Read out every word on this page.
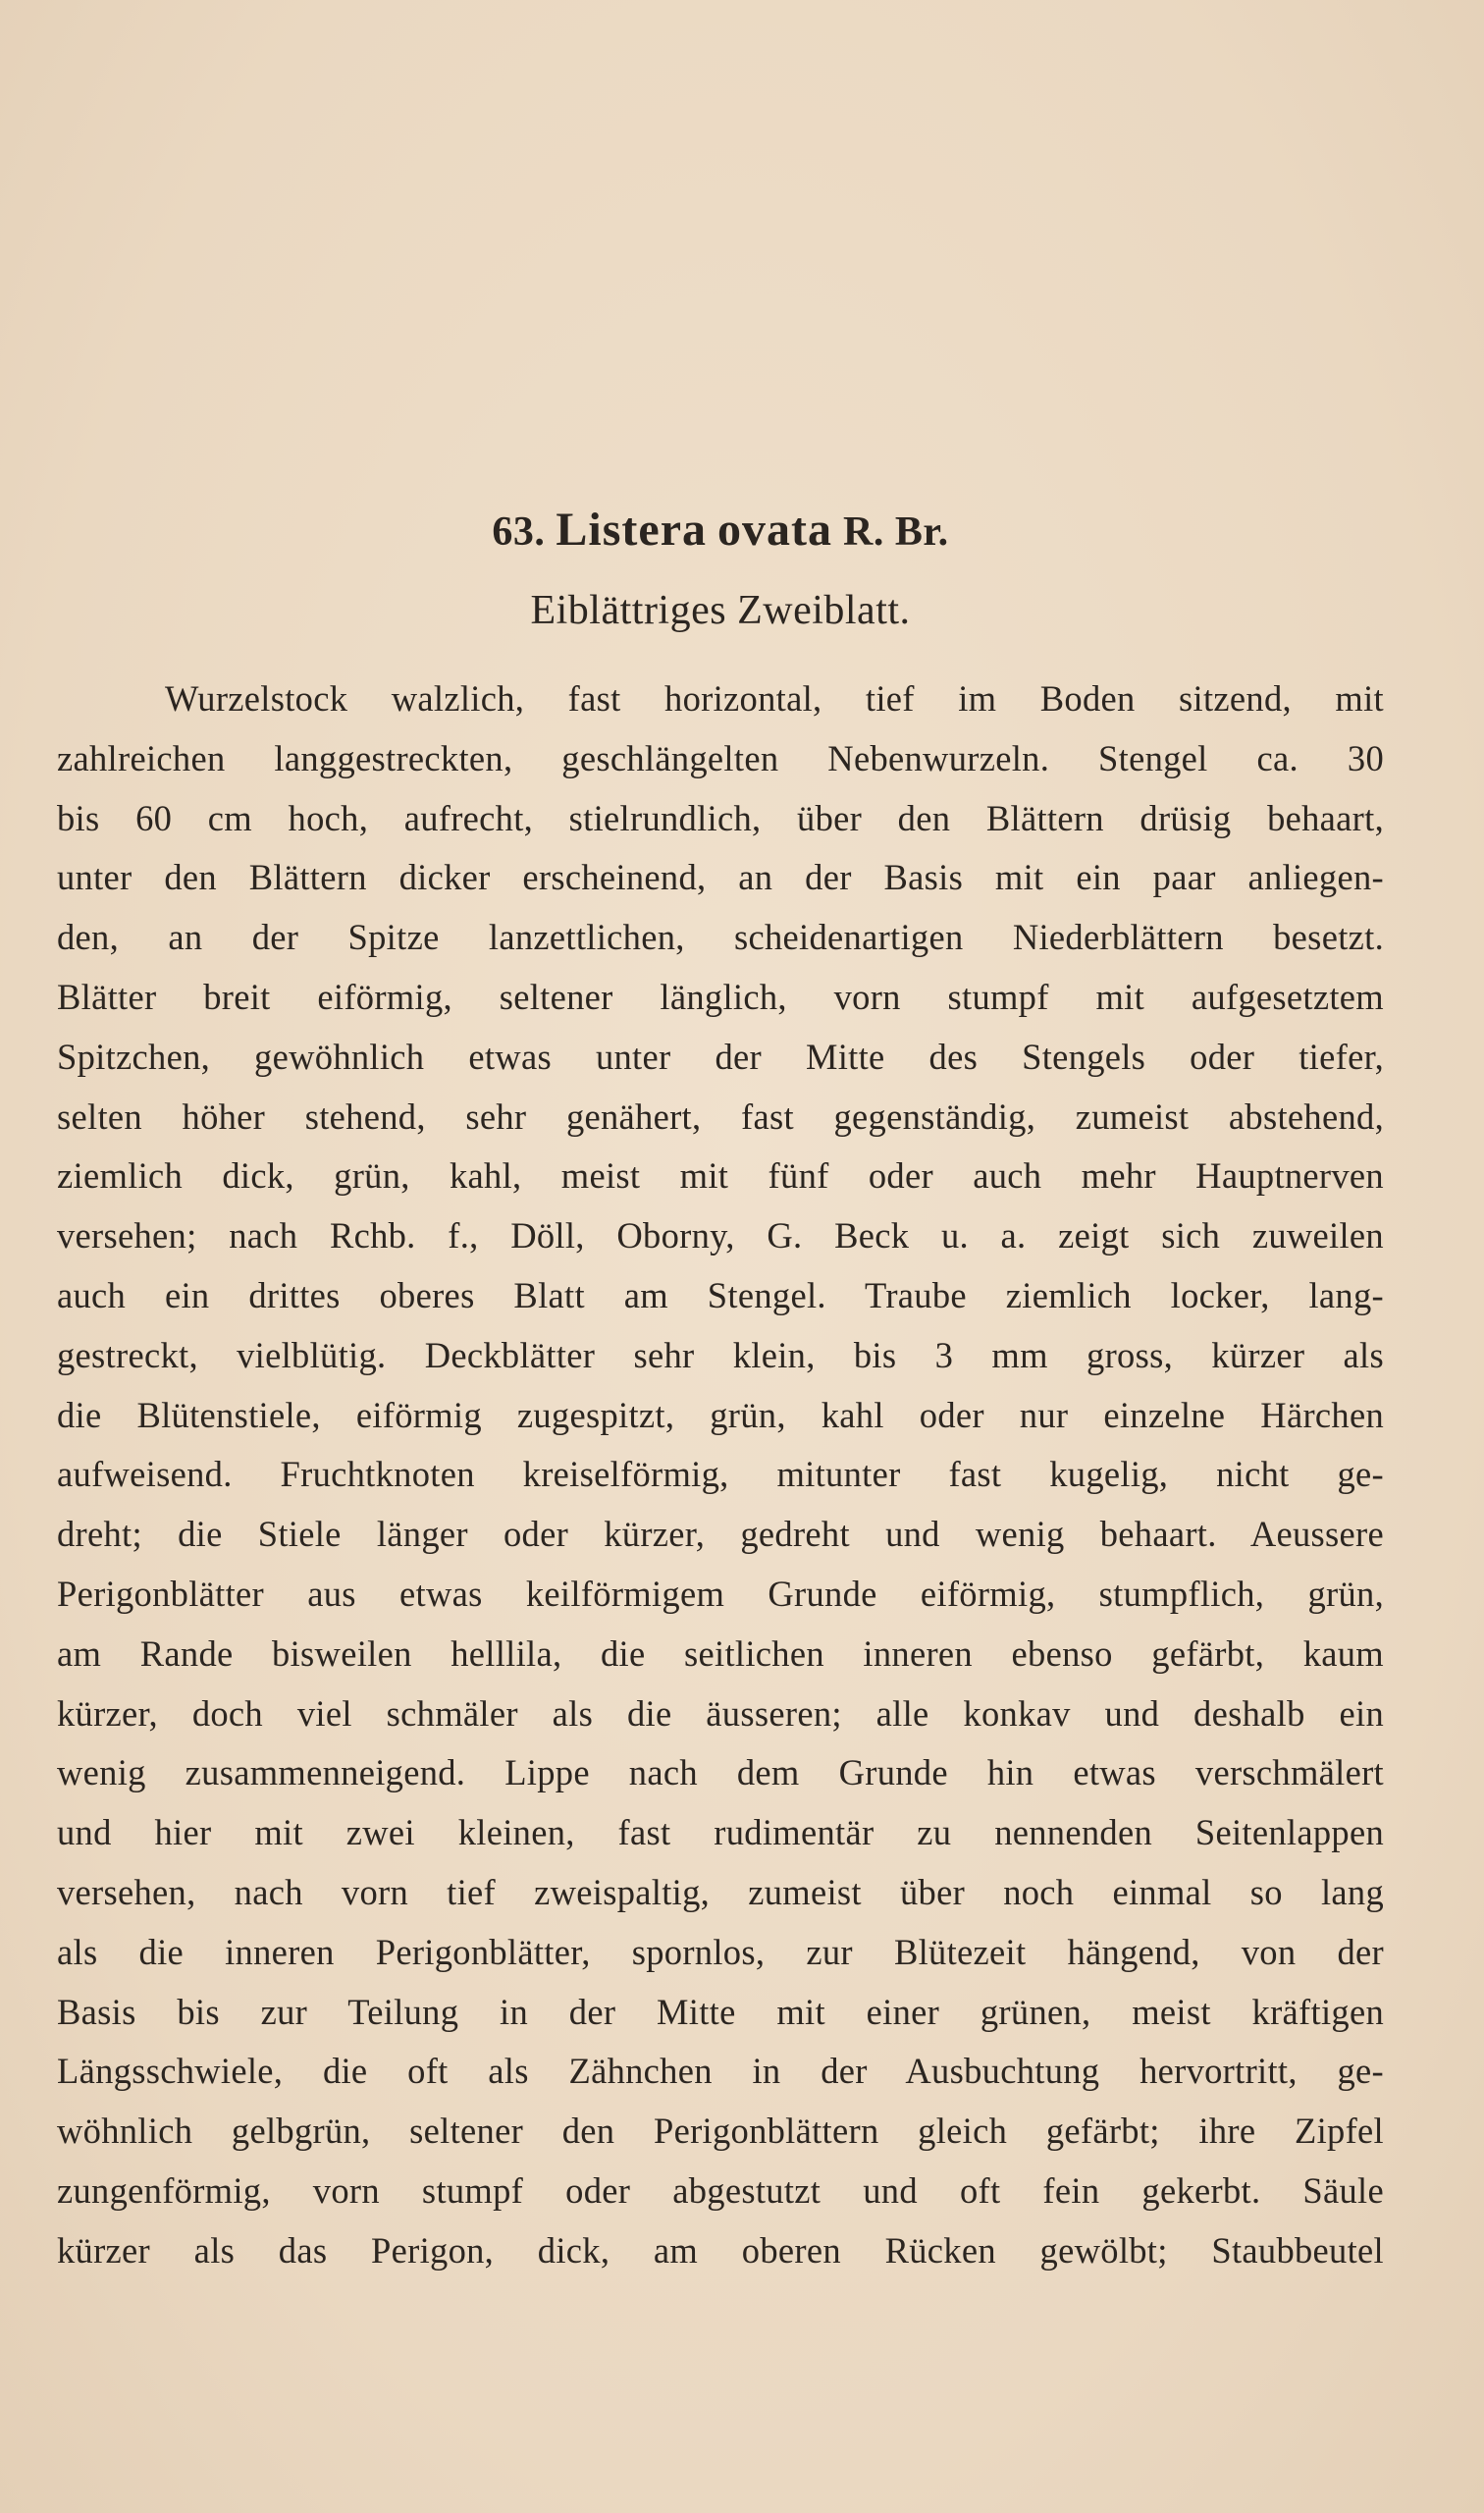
63. Listera ovata R. Br.

Eiblättriges Zweiblatt.

Wurzelstock walzlich, fast horizontal, tief im Boden sitzend, mit
zahlreichen langgestreckten, geschlängelten Nebenwurzeln. Stengel ca. 30
bis 60 cm hoch, aufrecht, stielrundlich, über den Blättern drüsig behaart,
unter den Blättern dicker erscheinend, an der Basis mit ein paar anliegen-
den, an der Spitze lanzettlichen, scheidenartigen Niederblättern besetzt.
Blätter breit eiförmig, seltener länglich, vorn stumpf mit aufgesetztem
Spitzchen, gewöhnlich etwas unter der Mitte des Stengels oder tiefer,
selten höher stehend, sehr genähert, fast gegenständig, zumeist abstehend,
ziemlich dick, grün, kahl, meist mit fünf oder auch mehr Hauptnerven
versehen; nach Rchb. f., Döll, Oborny, G. Beck u. a. zeigt sich zuweilen
auch ein drittes oberes Blatt am Stengel. Traube ziemlich locker, lang-
gestreckt, vielblütig. Deckblätter sehr klein, bis 3 mm gross, kürzer als
die Blütenstiele, eiförmig zugespitzt, grün, kahl oder nur einzelne Härchen
aufweisend. Fruchtknoten kreiselförmig, mitunter fast kugelig, nicht ge-
dreht; die Stiele länger oder kürzer, gedreht und wenig behaart. Aeussere
Perigonblätter aus etwas keilförmigem Grunde eiförmig, stumpflich, grün,
am Rande bisweilen helllila, die seitlichen inneren ebenso gefärbt, kaum
kürzer, doch viel schmäler als die äusseren; alle konkav und deshalb ein
wenig zusammenneigend. Lippe nach dem Grunde hin etwas verschmälert
und hier mit zwei kleinen, fast rudimentär zu nennenden Seitenlappen
versehen, nach vorn tief zweispaltig, zumeist über noch einmal so lang
als die inneren Perigonblätter, spornlos, zur Blütezeit hängend, von der
Basis bis zur Teilung in der Mitte mit einer grünen, meist kräftigen
Längsschwiele, die oft als Zähnchen in der Ausbuchtung hervortritt, ge-
wöhnlich gelbgrün, seltener den Perigonblättern gleich gefärbt; ihre Zipfel
zungenförmig, vorn stumpf oder abgestutzt und oft fein gekerbt. Säule
kürzer als das Perigon, dick, am oberen Rücken gewölbt; Staubbeutel
